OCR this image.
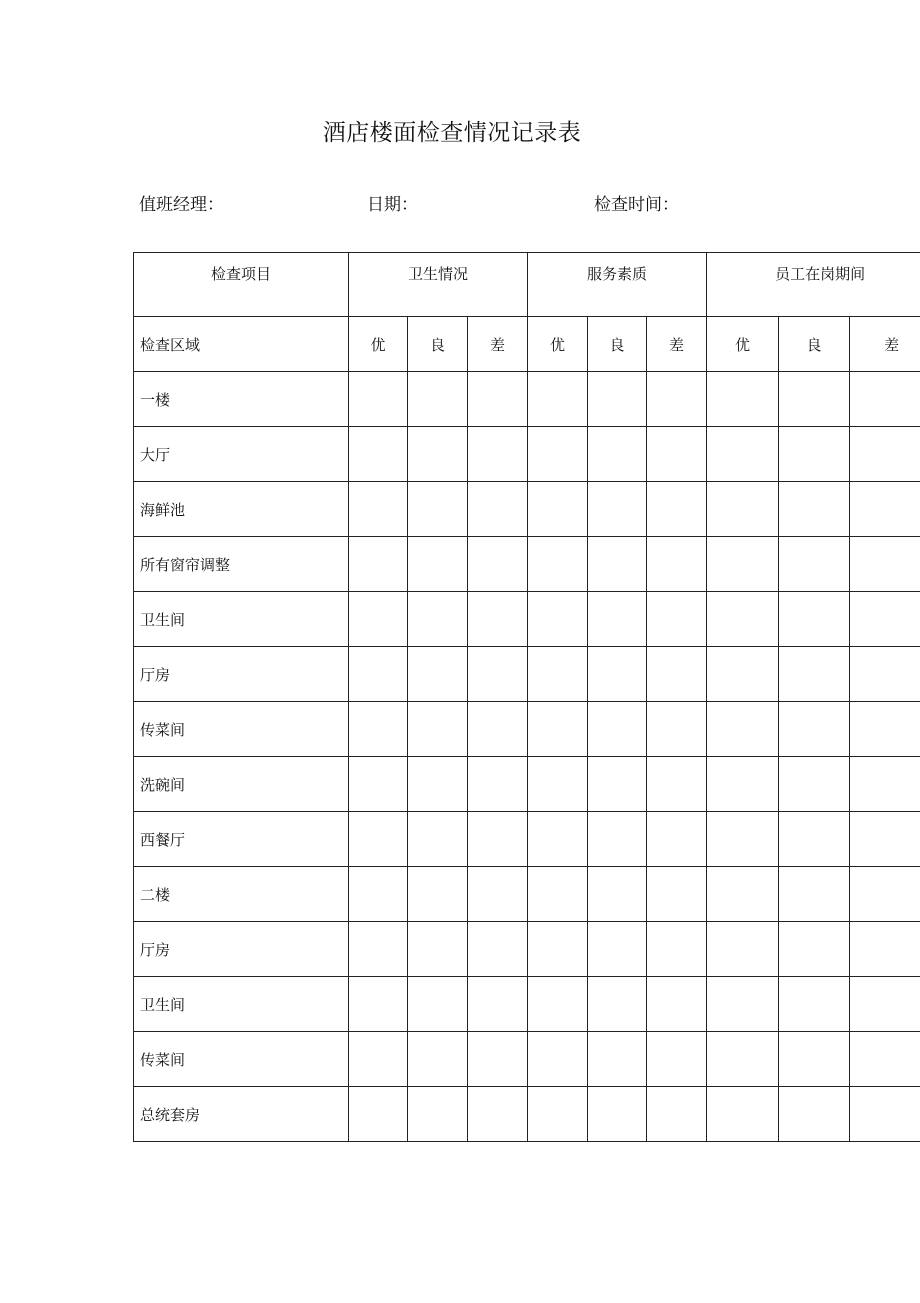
酒店楼面检查情况记录表
值班经理：	日期：	检查时间：
检查项目	卫生情况			服务素质			员工在岗期间		
检查区域	优	良	差	优	良	差	优	良	差
一楼									
大厅									
海鲜池									
所有窗帘调整									
卫生间									
厅房									
传菜间									
洗碗间									
西餐厅									
二楼									
厅房									
卫生间									
传菜间									
总统套房									
